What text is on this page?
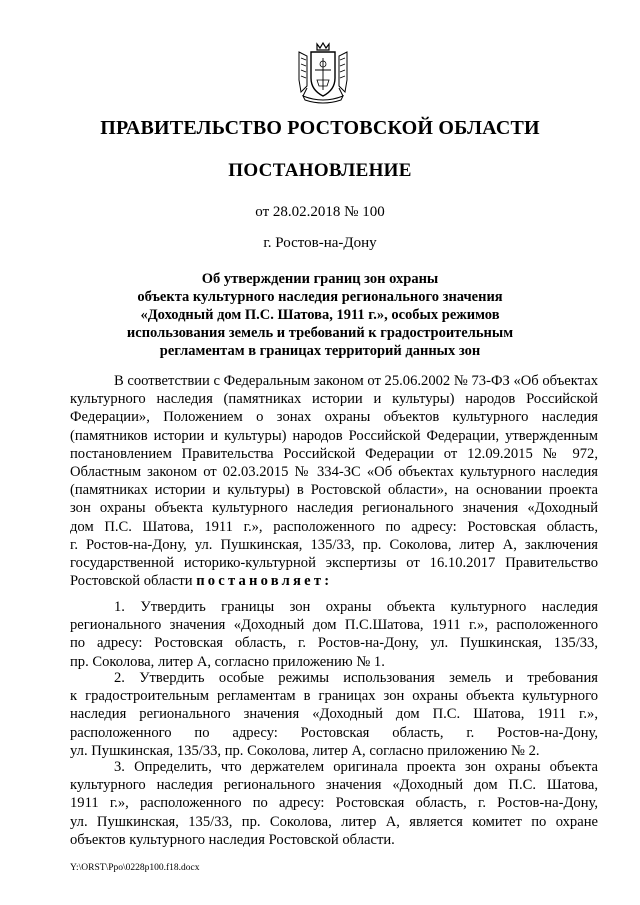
ПРАВИТЕЛЬСТВО РОСТОВСКОЙ ОБЛАСТИ
ПОСТАНОВЛЕНИЕ
от 28.02.2018 № 100
г. Ростов-на-Дону
Об утверждении границ зон охраны
объекта культурного наследия регионального значения
«Доходный дом П.С. Шатова, 1911 г.», особых режимов
использования земель и требований к градостроительным
регламентам в границах территорий данных зон
В соответствии с Федеральным законом от 25.06.2002 № 73-ФЗ «Об объектах
культурного наследия (памятниках истории и культуры) народов Российской
Федерации», Положением о зонах охраны объектов культурного наследия
(памятников истории и культуры) народов Российской Федерации, утвержденным
постановлением Правительства Российской Федерации от 12.09.2015 № 972,
Областным законом от 02.03.2015 № 334-ЗС «Об объектах культурного наследия
(памятниках истории и культуры) в Ростовской области», на основании проекта
зон охраны объекта культурного наследия регионального значения «Доходный
дом П.С. Шатова, 1911 г.», расположенного по адресу: Ростовская область,
г. Ростов-на-Дону, ул. Пушкинская, 135/33, пр. Соколова, литер А, заключения
государственной историко-культурной экспертизы от 16.10.2017 Правительство
Ростовской области постановляет:
1. Утвердить границы зон охраны объекта культурного наследия
регионального значения «Доходный дом П.С.Шатова, 1911 г.», расположенного
по адресу: Ростовская область, г. Ростов-на-Дону, ул. Пушкинская, 135/33,
пр. Соколова, литер А, согласно приложению № 1.
2. Утвердить особые режимы использования земель и требования
к градостроительным регламентам в границах зон охраны объекта культурного
наследия регионального значения «Доходный дом П.С. Шатова, 1911 г.»,
расположенного по адресу: Ростовская область, г. Ростов-на-Дону,
ул. Пушкинская, 135/33, пр. Соколова, литер А, согласно приложению № 2.
3. Определить, что держателем оригинала проекта зон охраны объекта
культурного наследия регионального значения «Доходный дом П.С. Шатова,
1911 г.», расположенного по адресу: Ростовская область, г. Ростов-на-Дону,
ул. Пушкинская, 135/33, пр. Соколова, литер А, является комитет по охране
объектов культурного наследия Ростовской области.
Y:\ORST\Ppo\0228p100.f18.docx
